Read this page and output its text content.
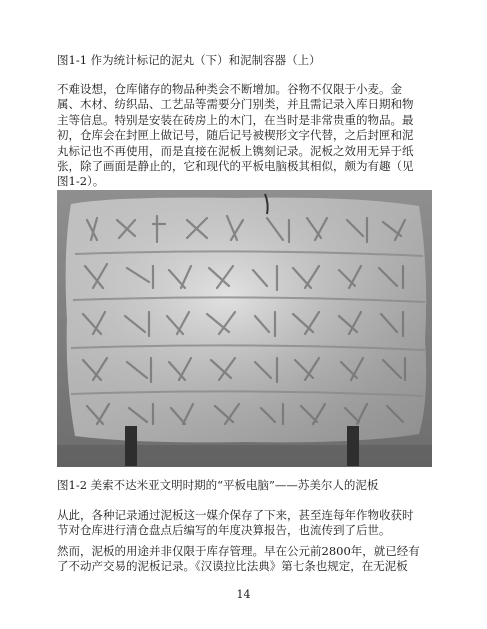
图1-1 作为统计标记的泥丸（下）和泥制容器（上）
不难设想，仓库储存的物品种类会不断增加。谷物不仅限于小麦。金
属、木材、纺织品、工艺品等需要分门别类，并且需记录入库日期和物
主等信息。特别是安装在砖房上的木门，在当时是非常贵重的物品。最
初，仓库会在封匣上做记号，随后记号被楔形文字代替，之后封匣和泥
丸标记也不再使用，而是直接在泥板上镌刻记录。泥板之效用无异于纸
张，除了画面是静止的，它和现代的平板电脑极其相似，颇为有趣（见
图1-2）。
图1-2 美索不达米亚文明时期的“平板电脑”——苏美尔人的泥板
从此，各种记录通过泥板这一媒介保存了下来，甚至连每年作物收获时
节对仓库进行清仓盘点后编写的年度决算报告，也流传到了后世。
然而，泥板的用途并非仅限于库存管理。早在公元前2800年，就已经有
了不动产交易的泥板记录。《汉谟拉比法典》第七条也规定，在无泥板
14
